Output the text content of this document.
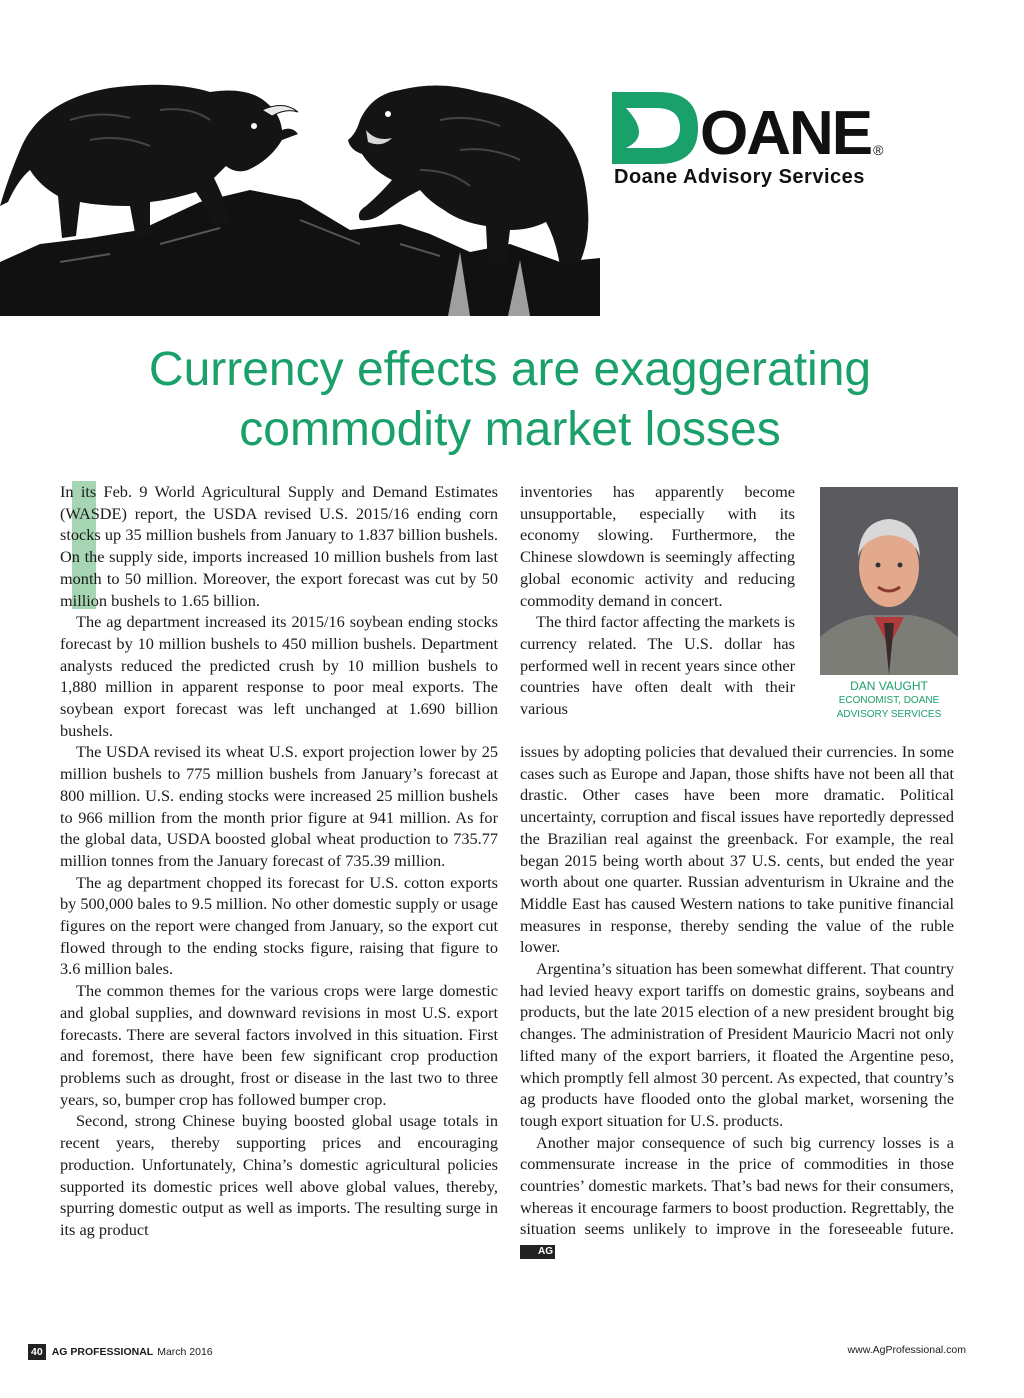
OANE ®
Doane Advisory Services
Currency effects are exaggerating commodity market losses

In its Feb. 9 World Agricultural Supply and Demand Estimates (WASDE) report, the USDA revised U.S. 2015/16 ending corn stocks up 35 million bushels from January to 1.837 billion bushels. On the supply side, imports increased 10 million bushels from last month to 50 million. Moreover, the export forecast was cut by 50 million bushels to 1.65 billion.

The ag department increased its 2015/16 soybean ending stocks forecast by 10 million bushels to 450 million bushels. Department analysts reduced the predicted crush by 10 million bushels to 1,880 million in apparent response to poor meal exports. The soybean export forecast was left unchanged at 1.690 billion bushels.

The USDA revised its wheat U.S. export projection lower by 25 million bushels to 775 million bushels from January’s forecast at 800 million. U.S. ending stocks were increased 25 million bushels to 966 million from the month prior figure at 941 million. As for the global data, USDA boosted global wheat production to 735.77 million tonnes from the January forecast of 735.39 million.

The ag department chopped its forecast for U.S. cotton exports by 500,000 bales to 9.5 million. No other domestic supply or usage figures on the report were changed from January, so the export cut flowed through to the ending stocks figure, raising that figure to 3.6 million bales.

The common themes for the various crops were large domestic and global supplies, and downward revisions in most U.S. export forecasts. There are several factors involved in this situation. First and foremost, there have been few significant crop production problems such as drought, frost or disease in the last two to three years, so, bumper crop has followed bumper crop.

Second, strong Chinese buying boosted global usage totals in recent years, thereby supporting prices and encouraging production. Unfortunately, China’s domestic agricultural policies supported its domestic prices well above global values, thereby, spurring domestic output as well as imports. The resulting surge in its ag product

inventories has apparently become unsupportable, especially with its economy slowing. Furthermore, the Chinese slowdown is seemingly affecting global economic activity and reducing commodity demand in concert.

The third factor affecting the markets is currency related. The U.S. dollar has performed well in recent years since other countries have often dealt with their various

DAN VAUGHT
ECONOMIST, DOANE
ADVISORY SERVICES

issues by adopting policies that devalued their currencies. In some cases such as Europe and Japan, those shifts have not been all that drastic. Other cases have been more dramatic. Political uncertainty, corruption and fiscal issues have reportedly depressed the Brazilian real against the greenback. For example, the real began 2015 being worth about 37 U.S. cents, but ended the year worth about one quarter. Russian adventurism in Ukraine and the Middle East has caused Western nations to take punitive financial measures in response, thereby sending the value of the ruble lower.

Argentina’s situation has been somewhat different. That country had levied heavy export tariffs on domestic grains, soybeans and products, but the late 2015 election of a new president brought big changes. The administration of President Mauricio Macri not only lifted many of the export barriers, it floated the Argentine peso, which promptly fell almost 30 percent. As expected, that country’s ag products have flooded onto the global market, worsening the tough export situation for U.S. products.

Another major consequence of such big currency losses is a commensurate increase in the price of commodities in those countries’ domestic markets. That’s bad news for their consumers, whereas it encourage farmers to boost production. Regrettably, the situation seems unlikely to improve in the foreseeable future. AG

40 AG PROFESSIONAL March 2016	www.AgProfessional.com
